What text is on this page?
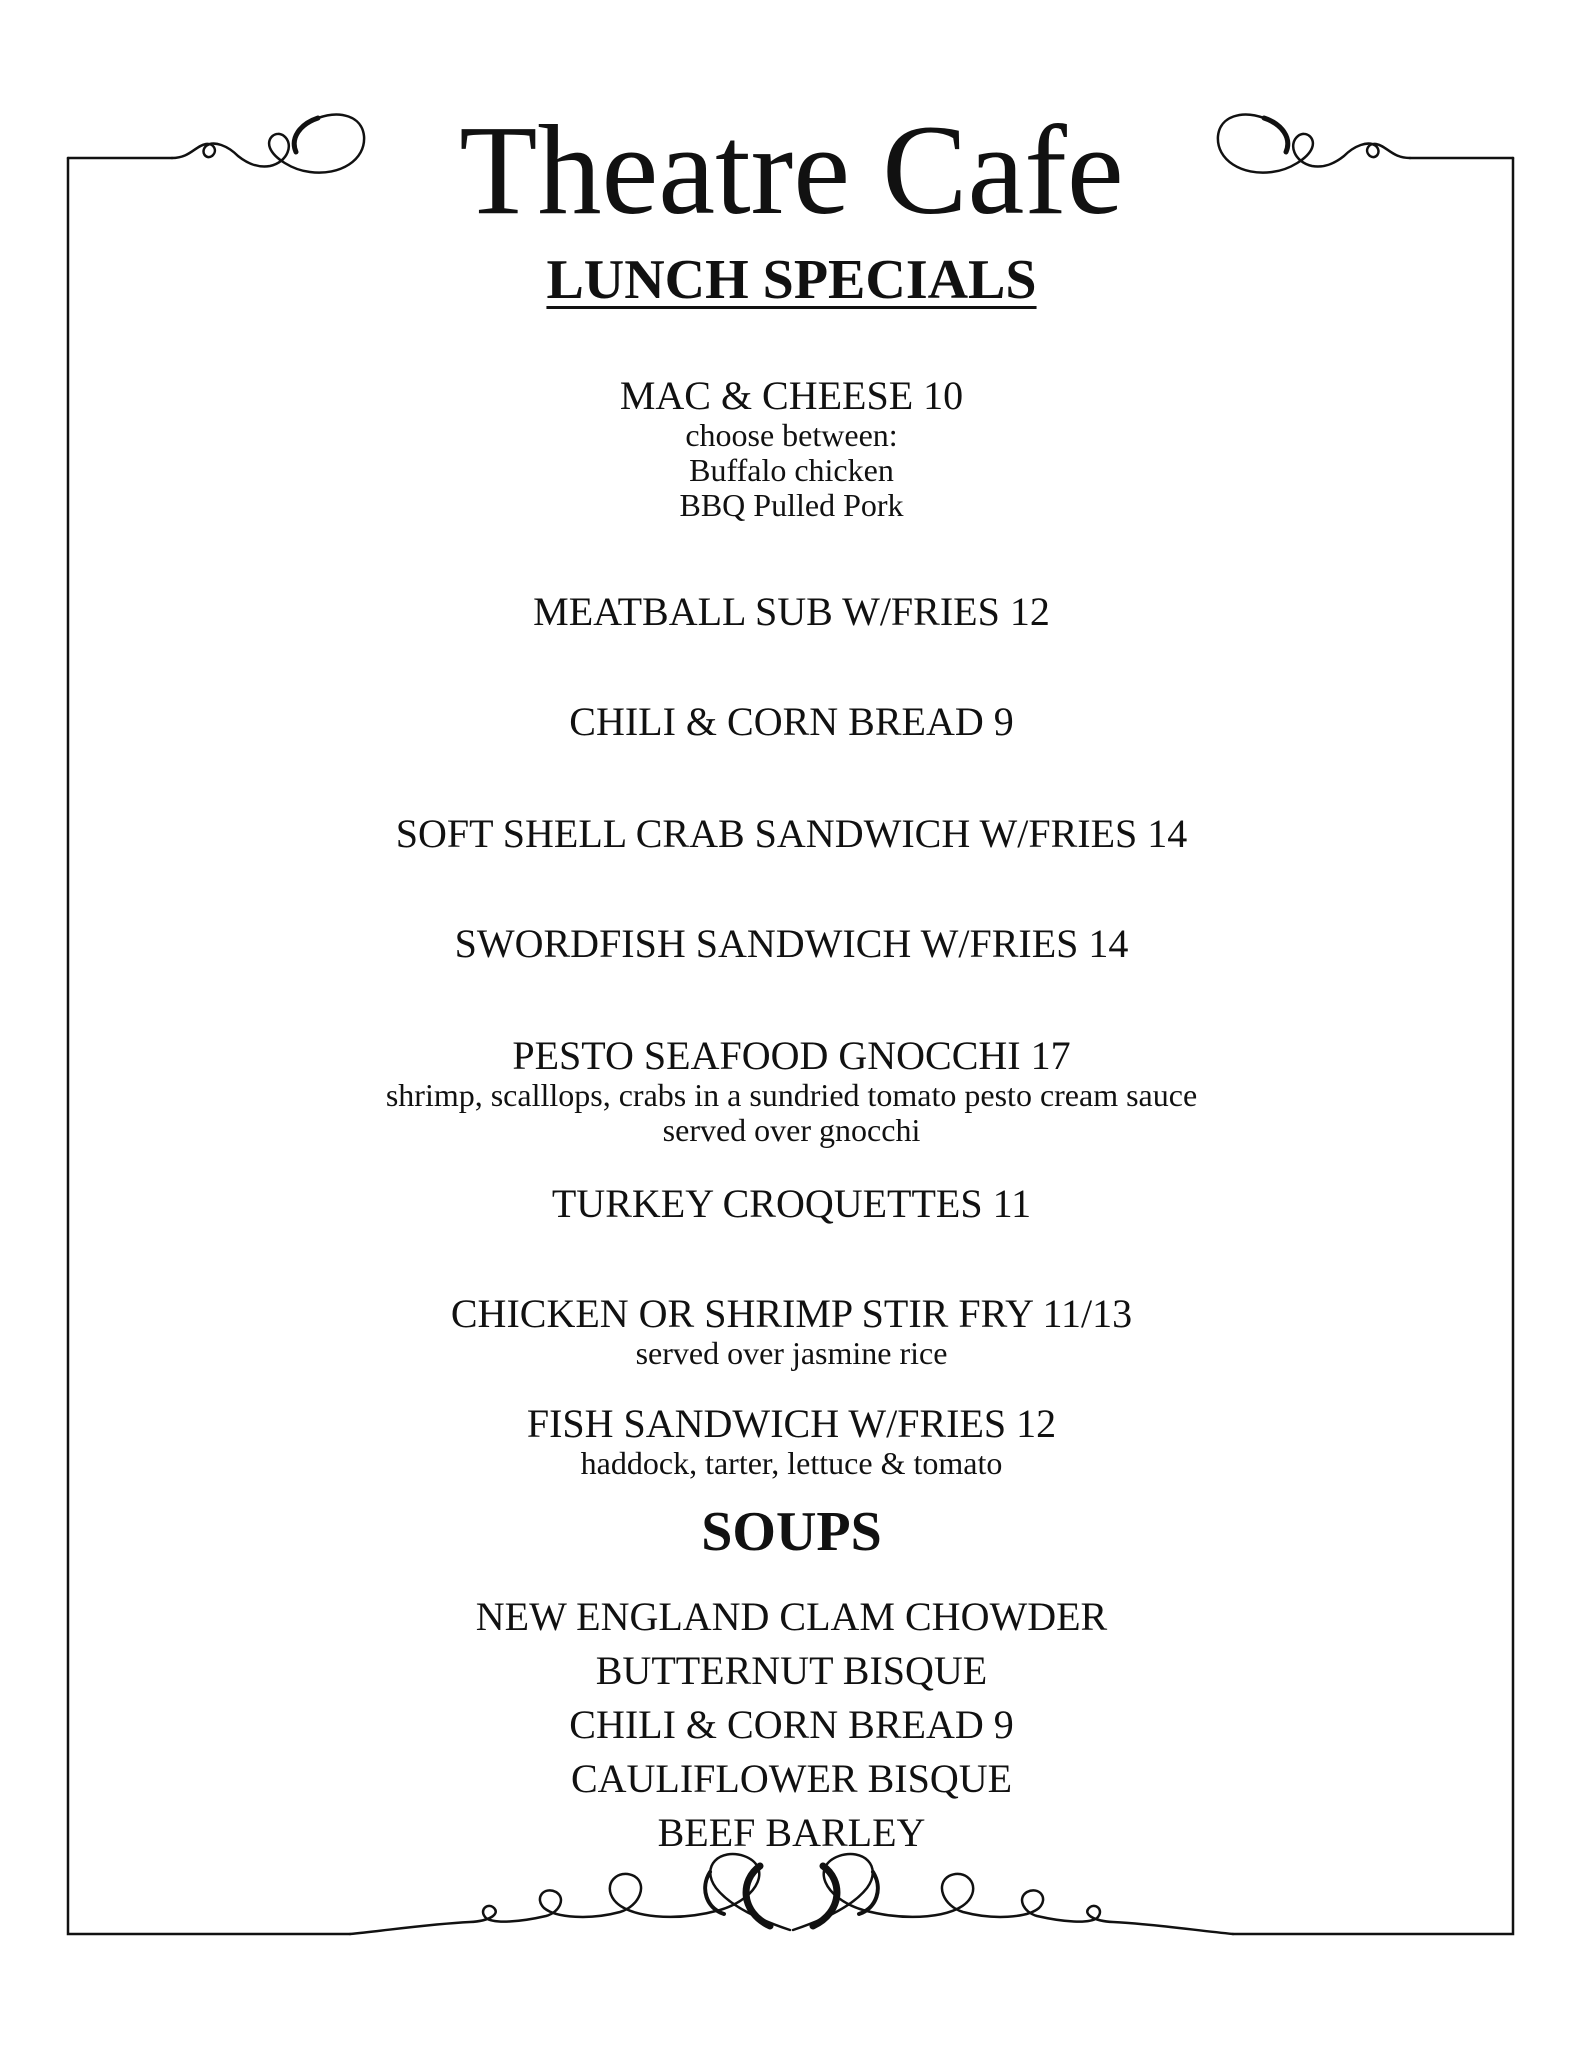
Theatre Cafe
LUNCH SPECIALS

MAC & CHEESE 10

choose between:

Buffalo chicken

BBQ Pulled Pork

MEATBALL SUB W/FRIES 12

CHILI & CORN BREAD 9

SOFT SHELL CRAB SANDWICH W/FRIES 14

SWORDFISH SANDWICH W/FRIES 14

PESTO SEAFOOD GNOCCHI 17

shrimp, scalllops, crabs in a sundried tomato pesto cream sauce

served over gnocchi

TURKEY CROQUETTES 11

CHICKEN OR SHRIMP STIR FRY 11/13

served over jasmine rice

FISH SANDWICH W/FRIES 12

haddock, tarter, lettuce & tomato

SOUPS
NEW ENGLAND CLAM CHOWDER
BUTTERNUT BISQUE
CHILI & CORN BREAD 9
CAULIFLOWER BISQUE
BEEF BARLEY
